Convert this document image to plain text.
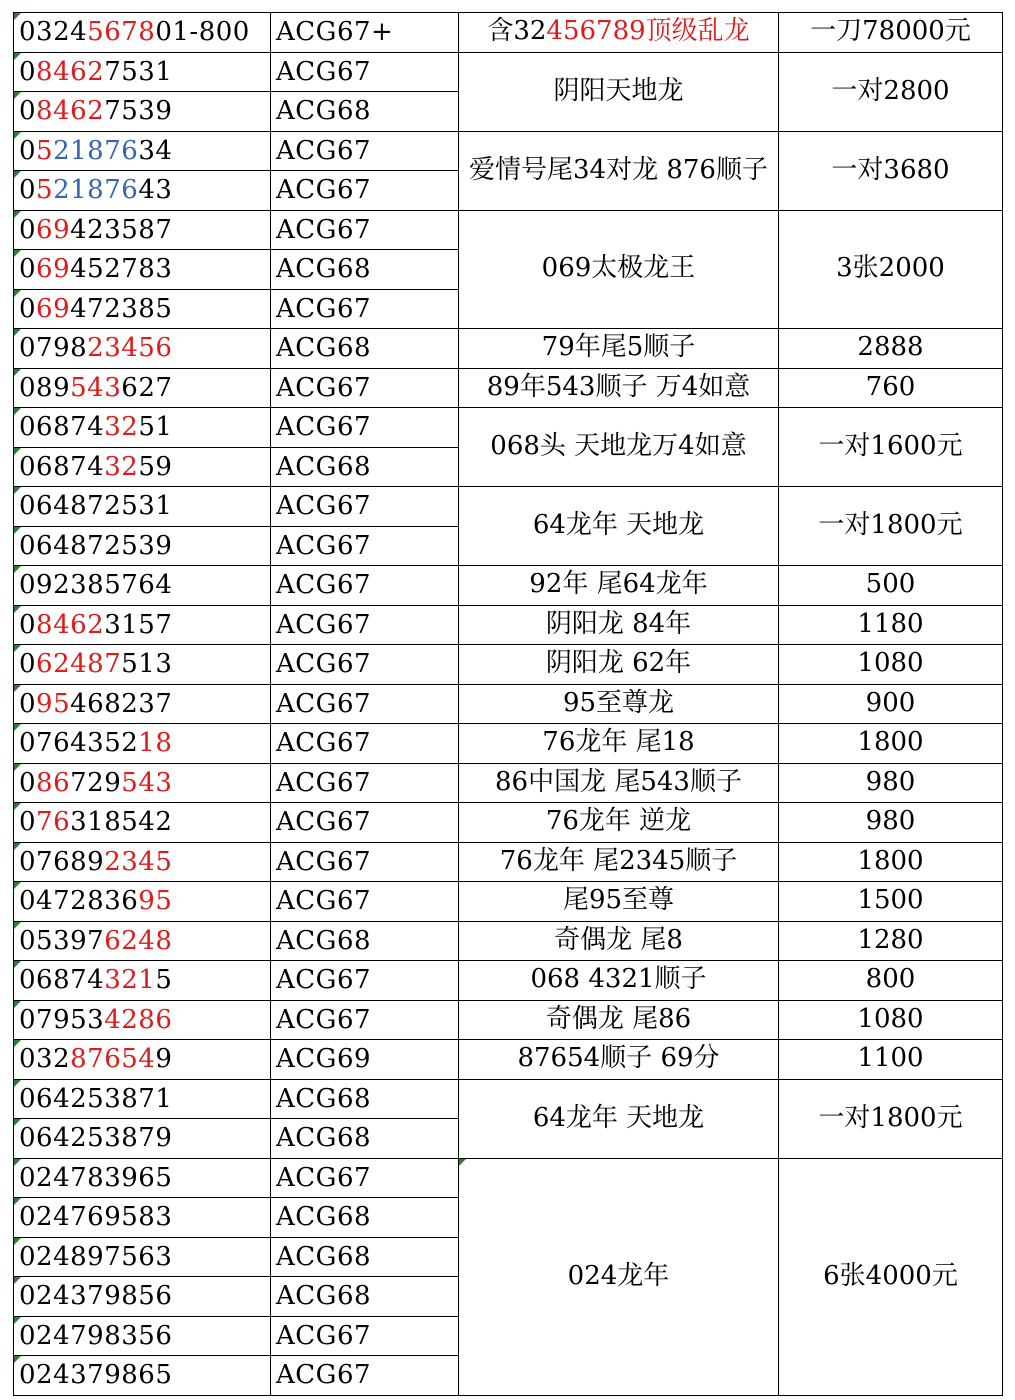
0324567801-800	ACG67+	含32456789顶级乱龙	一刀78000元
084627531	ACG67	阴阳天地龙	一对2800
084627539	ACG68		
052187634	ACG67	爱情号尾34对龙 876顺子	一对3680
052187643	ACG67		
069423587	ACG67	069太极龙王	3张2000
069452783	ACG68		
069472385	ACG67		
079823456	ACG68	79年尾5顺子	2888
089543627	ACG67	89年543顺子 万4如意	760
068743251	ACG67	068头 天地龙万4如意	一对1600元
068743259	ACG68		
064872531	ACG67	64龙年 天地龙	一对1800元
064872539	ACG67		
092385764	ACG67	92年 尾64龙年	500
084623157	ACG67	阴阳龙 84年	1180
062487513	ACG67	阴阳龙 62年	1080
095468237	ACG67	95至尊龙	900
076435218	ACG67	76龙年 尾18	1800
086729543	ACG67	86中国龙 尾543顺子	980
076318542	ACG67	76龙年 逆龙	980
076892345	ACG67	76龙年 尾2345顺子	1800
047283695	ACG67	尾95至尊	1500
053976248	ACG68	奇偶龙 尾8	1280
068743215	ACG67	068 4321顺子	800
079534286	ACG67	奇偶龙 尾86	1080
032876549	ACG69	87654顺子 69分	1100
064253871	ACG68	64龙年 天地龙	一对1800元
064253879	ACG68		
024783965	ACG67	024龙年	6张4000元
024769583	ACG68		
024897563	ACG68		
024379856	ACG68		
024798356	ACG67		
024379865	ACG67		
